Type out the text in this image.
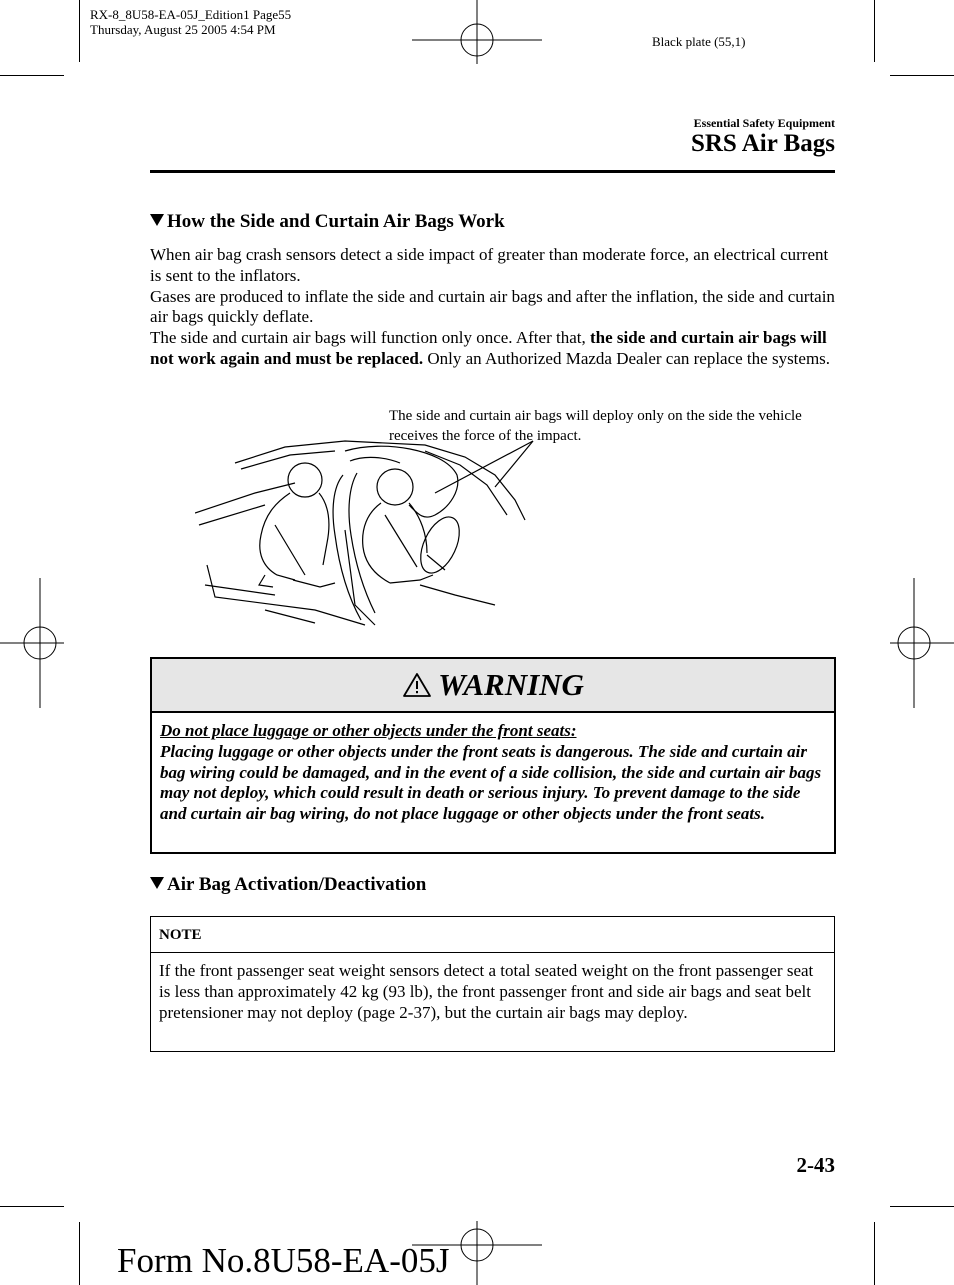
RX-8_8U58-EA-05J_Edition1 Page55
Thursday, August 25 2005 4:54 PM
Black plate (55,1)
Essential Safety Equipment
SRS Air Bags
How the Side and Curtain Air Bags Work

When air bag crash sensors detect a side impact of greater than moderate force, an electrical current is sent to the inflators.

Gases are produced to inflate the side and curtain air bags and after the inflation, the side and curtain air bags quickly deflate.

The side and curtain air bags will function only once. After that, the side and curtain air bags will not work again and must be replaced. Only an Authorized Mazda Dealer can replace the systems.

The side and curtain air bags will deploy only on the side the vehicle receives the force of the impact.
WARNING

Do not place luggage or other objects under the front seats:

Placing luggage or other objects under the front seats is dangerous. The side and curtain air bag wiring could be damaged, and in the event of a side collision, the side and curtain air bags may not deploy, which could result in death or serious injury. To prevent damage to the side and curtain air bag wiring, do not place luggage or other objects under the front seats.

Air Bag Activation/Deactivation
NOTE
If the front passenger seat weight sensors detect a total seated weight on the front passenger seat is less than approximately 42 kg (93 lb), the front passenger front and side air bags and seat belt pretensioner may not deploy (page 2-37), but the curtain air bags may deploy.
2-43
Form No.8U58-EA-05J
